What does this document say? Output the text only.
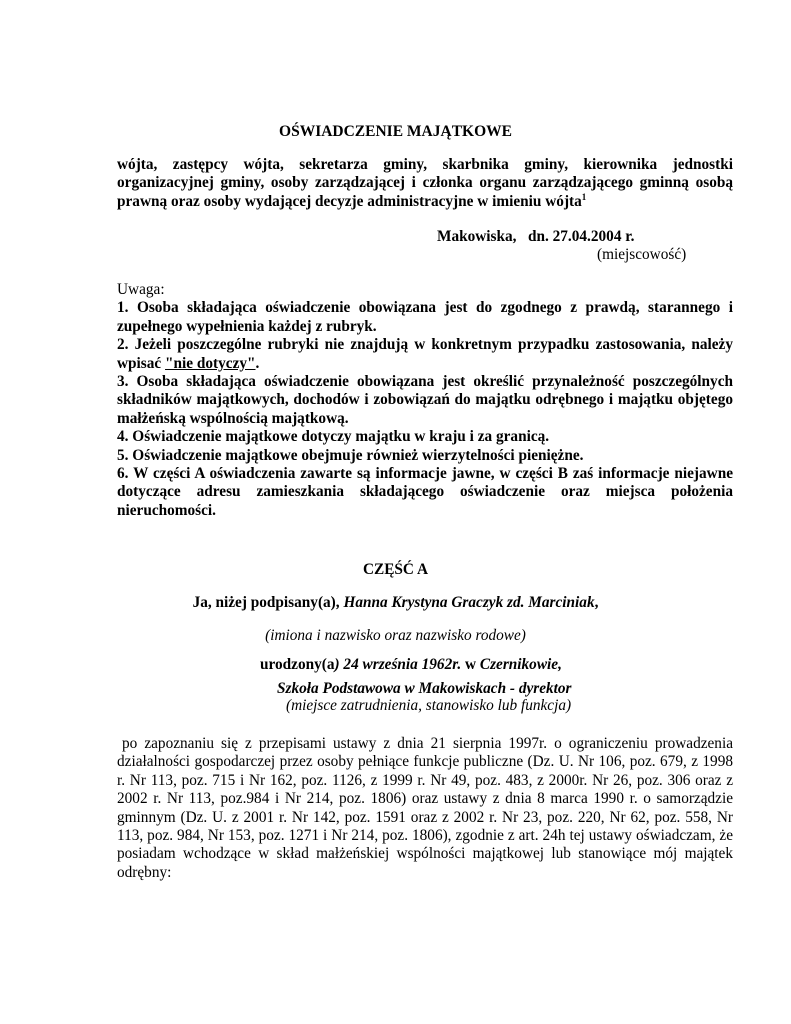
OŚWIADCZENIE MAJĄTKOWE
wójta, zastępcy wójta, sekretarza gminy, skarbnika gminy, kierownika jednostki organizacyjnej gminy, osoby zarządzającej i członka organu zarządzającego gminną osobą prawną oraz osoby wydającej decyzje administracyjne w imieniu wójta$^1$
Makowiska, dn. 27.04.2004 r.
(miejscowość)

Uwaga:

1. Osoba składająca oświadczenie obowiązana jest do zgodnego z prawdą, starannego i zupełnego wypełnienia każdej z rubryk.

2. Jeżeli poszczególne rubryki nie znajdują w konkretnym przypadku zastosowania, należy wpisać "nie dotyczy".

3. Osoba składająca oświadczenie obowiązana jest określić przynależność poszczególnych składników majątkowych, dochodów i zobowiązań do majątku odrębnego i majątku objętego małżeńską wspólnością majątkową.

4. Oświadczenie majątkowe dotyczy majątku w kraju i za granicą.

5. Oświadczenie majątkowe obejmuje również wierzytelności pieniężne.

6. W części A oświadczenia zawarte są informacje jawne, w części B zaś informacje niejawne dotyczące adresu zamieszkania składającego oświadczenie oraz miejsca położenia nieruchomości.

CZĘŚĆ A
Ja, niżej podpisany(a), Hanna Krystyna Graczyk zd. Marciniak,
(imiona i nazwisko oraz nazwisko rodowe)
urodzony(a) 24 września 1962r. w Czernikowie,
Szkoła Podstawowa w Makowiskach - dyrektor
(miejsce zatrudnienia, stanowisko lub funkcja)
po zapoznaniu się z przepisami ustawy z dnia 21 sierpnia 1997r. o ograniczeniu prowadzenia działalności gospodarczej przez osoby pełniące funkcje publiczne (Dz. U. Nr 106, poz. 679, z 1998 r. Nr 113, poz. 715 i Nr 162, poz. 1126, z 1999 r. Nr 49, poz. 483, z 2000r. Nr 26, poz. 306 oraz z 2002 r. Nr 113, poz.984 i Nr 214, poz. 1806) oraz ustawy z dnia 8 marca 1990 r. o samorządzie gminnym (Dz. U. z 2001 r. Nr 142, poz. 1591 oraz z 2002 r. Nr 23, poz. 220, Nr 62, poz. 558, Nr 113, poz. 984, Nr 153, poz. 1271 i Nr 214, poz. 1806), zgodnie z art. 24h tej ustawy oświadczam, że posiadam wchodzące w skład małżeńskiej wspólności majątkowej lub stanowiące mój majątek odrębny:
